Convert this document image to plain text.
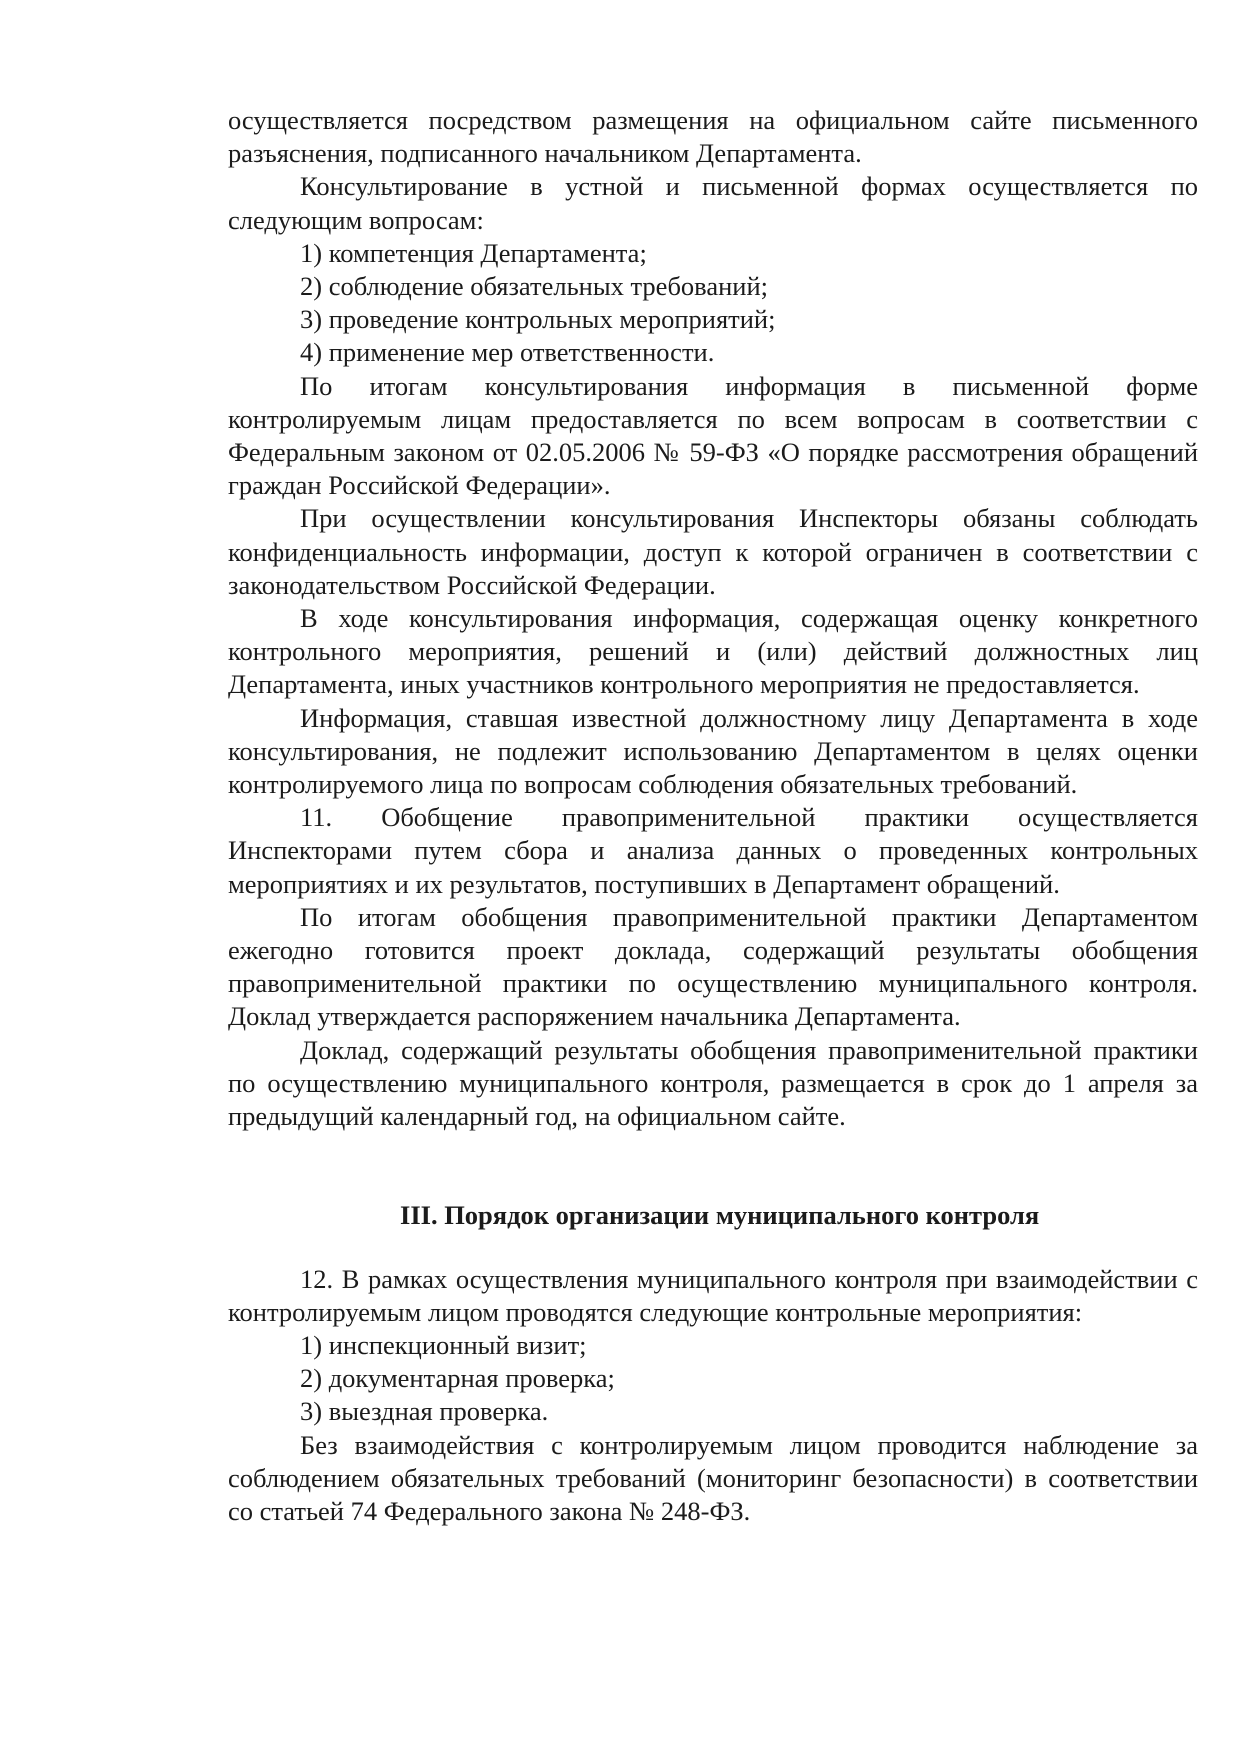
осуществляется посредством размещения на официальном сайте письменного разъяснения, подписанного начальником Департамента.

Консультирование в устной и письменной формах осуществляется по следующим вопросам:

1) компетенция Департамента;

2) соблюдение обязательных требований;

3) проведение контрольных мероприятий;

4) применение мер ответственности.

По итогам консультирования информация в письменной форме контролируемым лицам предоставляется по всем вопросам в соответствии с Федеральным законом от 02.05.2006 № 59-ФЗ «О порядке рассмотрения обращений граждан Российской Федерации».

При осуществлении консультирования Инспекторы обязаны соблюдать конфиденциальность информации, доступ к которой ограничен в соответствии с законодательством Российской Федерации.

В ходе консультирования информация, содержащая оценку конкретного контрольного мероприятия, решений и (или) действий должностных лиц Департамента, иных участников контрольного мероприятия не предоставляется.

Информация, ставшая известной должностному лицу Департамента в ходе консультирования, не подлежит использованию Департаментом в целях оценки контролируемого лица по вопросам соблюдения обязательных требований.

11. Обобщение правоприменительной практики осуществляется Инспекторами путем сбора и анализа данных о проведенных контрольных мероприятиях и их результатов, поступивших в Департамент обращений.

По итогам обобщения правоприменительной практики Департаментом ежегодно готовится проект доклада, содержащий результаты обобщения правоприменительной практики по осуществлению муниципального контроля. Доклад утверждается распоряжением начальника Департамента.

Доклад, содержащий результаты обобщения правоприменительной практики по осуществлению муниципального контроля, размещается в срок до 1 апреля за предыдущий календарный год, на официальном сайте.

III. Порядок организации муниципального контроля

12. В рамках осуществления муниципального контроля при взаимодействии с контролируемым лицом проводятся следующие контрольные мероприятия:

1) инспекционный визит;

2) документарная проверка;

3) выездная проверка.

Без взаимодействия с контролируемым лицом проводится наблюдение за соблюдением обязательных требований (мониторинг безопасности) в соответствии со статьей 74 Федерального закона № 248-ФЗ.
